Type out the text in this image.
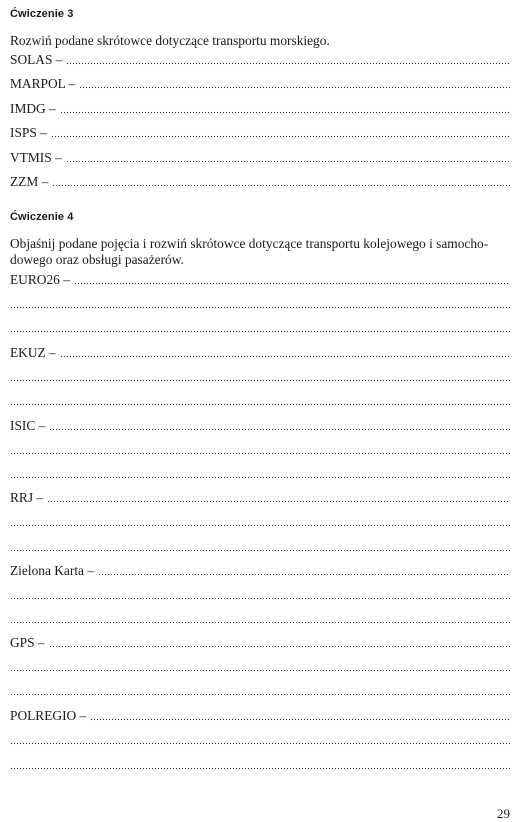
Ćwiczenie 3
Rozwiń podane skrótowce dotyczące transportu morskiego.
SOLAS –
MARPOL –
IMDG –
ISPS –
VTMIS –
ZZM –
Ćwiczenie 4
Objaśnij podane pojęcia i rozwiń skrótowce dotyczące transportu kolejowego i samocho-
dowego oraz obsługi pasażerów.
EURO26 –
EKUZ –
ISIC –
RRJ –
Zielona Karta –
GPS –
POLREGIO –
29
